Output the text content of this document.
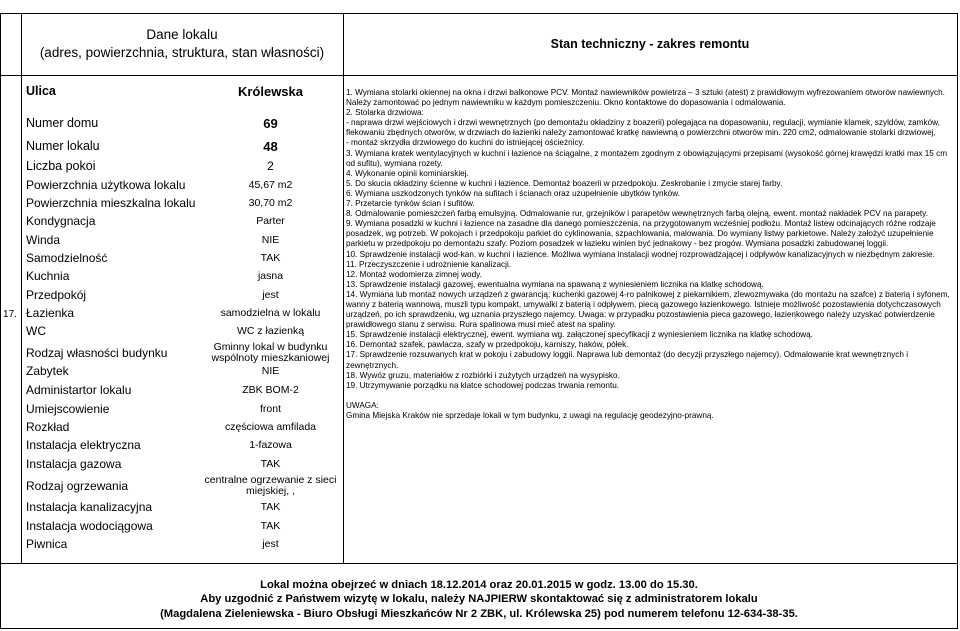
Dane lokalu
(adres, powierzchnia, struktura, stan własności)
Stan techniczny - zakres remontu
17.
Ulica	Królewska
Numer domu	69
Numer lokalu	48
Liczba pokoi	2
Powierzchnia użytkowa lokalu	45,67 m2
Powierzchnia mieszkalna lokalu	30,70 m2
Kondygnacja	Parter
Winda	NIE
Samodzielność	TAK
Kuchnia	jasna
Przedpokój	jest
Łazienka	samodzielna w lokalu
WC	WC z łazienką
Rodzaj własności budynku	Gminny lokal w budynku wspólnoty mieszkaniowej
Zabytek	NIE
Administartor lokalu	ZBK BOM-2
Umiejscowienie	front
Rozkład	częściowa amfilada
Instalacja elektryczna	1-fazowa
Instalacja gazowa	TAK
Rodzaj ogrzewania	centralne ogrzewanie z sieci miejskiej, ,
Instalacja kanalizacyjna	TAK
Instalacja wodociągowa	TAK
Piwnica	jest

1. Wymiana stolarki okiennej na okna i drzwi balkonowe PCV. Montaż nawiewników powietrza – 3 sztuki (atest) z prawidłowym wyfrezowaniem otworów nawiewnych. Należy zamontować po jednym nawiewniku w każdym pomieszczeniu. Okno kontaktowe do dopasowania i odmalowania.

2. Stolarka drzwiowa:

- naprawa drzwi wejściowych i drzwi wewnętrznych (po demontażu okładziny z boazerii) polegająca na dopasowaniu, regulacji, wymianie klamek, szyldów, zamków, flekowaniu zbędnych otworów, w drzwiach do łazienki należy zamontować kratkę nawiewną o powierzchni otworów min. 220 cm2, odmalowanie stolarki drzwiowej,

- montaż skrzydła drzwiowego do kuchni do istniejącej ościeżnicy.

3. Wymiana kratek wentylacyjnych w kuchni i łazience na ściągalne, z montażem zgodnym z obowiązującymi przepisami (wysokość górnej krawędzi kratki max 15 cm od sufitu), wymiana rozety.

4. Wykonanie opinii kominiarskiej.

5. Do skucia okładziny ścienne w kuchni i łazience. Demontaż boazerii w przedpokoju. Zeskrobanie i zmycie starej farby.

6. Wymiana uszkodzonych tynków na sufitach i ścianach oraz uzupełnienie ubytków tynków.

7. Przetarcie tynków ścian i sufitów.

8. Odmalowanie pomieszczeń farbą emulsyjną. Odmalowanie rur, grzejników i parapetów wewnętrznych farbą olejną, ewent. montaż nakładek PCV na parapety.

9. Wymiana posadzki w kuchni i łazience na zasadne dla danego pomieszczenia, na przygotowanym wcześniej podłożu. Montaż listew odcinających różne rodzaje posadzek, wg potrzeb. W pokojach i przedpokoju parkiet do cyklinowania, szpachlowania, malowania. Do wymiany listwy parkietowe. Należy założyć uzupełnienie parkietu w przedpokoju po demontażu szafy. Poziom posadzek w łazieku winien być jednakowy - bez progów. Wymiana posadzki zabudowanej loggii.

10. Sprawdzenie instalacji wod-kan. w kuchni i łazience. Możliwa wymiana instalacji wodnej rozprowadzającej i odpływów kanalizacyjnych w niezbędnym zakresie.

11. Przeczyszczenie i udrożnienie kanalizacji.

12. Montaż wodomierza zimnej wody.

13. Sprawdzenie instalacji gazowej, ewentualna wymiana na spawaną z wyniesieniem licznika na klatkę schodową.

14. Wymiana lub montaż nowych urządzeń z gwarancją; kuchenki gazowej 4-ro palnikowej z piekarnikiem, zlewozmywaka (do montażu na szafce) z baterią i syfonem, wanny z baterią wannową, muszli typu kompakt, umywalki z baterią i odpływem, piecą gazowego łazienkowego. Istnieje możliwość pozostawienia dotychczasowych urządzeń, po ich sprawdzeniu, wg uznania przyszłego najemcy. Uwaga: w przypadku pozostawienia pieca gazowego, łazienkowego należy uzyskać potwierdzenie prawidłowego stanu z serwisu. Rura spalinowa musi mieć atest na spaliny.

15. Sprawdzenie instalacji elektrycznej, ewent. wymiana wg. załączonej specyfikacji z wyniesieniem licznika na klatkę schodową.

16. Demontaż szafek, pawlacza, szafy w przedpokoju, karniszy, haków, półek.

17. Sprawdzenie rozsuwanych krat w pokoju i zabudowy loggii. Naprawa lub demontaż (do decyzji przyszłego najemcy). Odmalowanie krat wewnętrznych i zewnętrznych.

18. Wywóz gruzu, materiałów z rozbiórki i zużytych urządzeń na wysypisko.

19. Utrzymywanie porządku na klatce schodowej podczas trwania remontu.

UWAGA:

Gmina Miejska Kraków nie sprzedaje lokali w tym budynku, z uwagi na regulację geodezyjno-prawną.

Lokal można obejrzeć w dniach 18.12.2014 oraz 20.01.2015 w godz. 13.00 do 15.30.
Aby uzgodnić z Państwem wizytę w lokalu, należy NAJPIERW skontaktować się z administratorem lokalu
(Magdalena Zieleniewska - Biuro Obsługi Mieszkańców Nr 2 ZBK, ul. Królewska 25) pod numerem telefonu 12-634-38-35.
